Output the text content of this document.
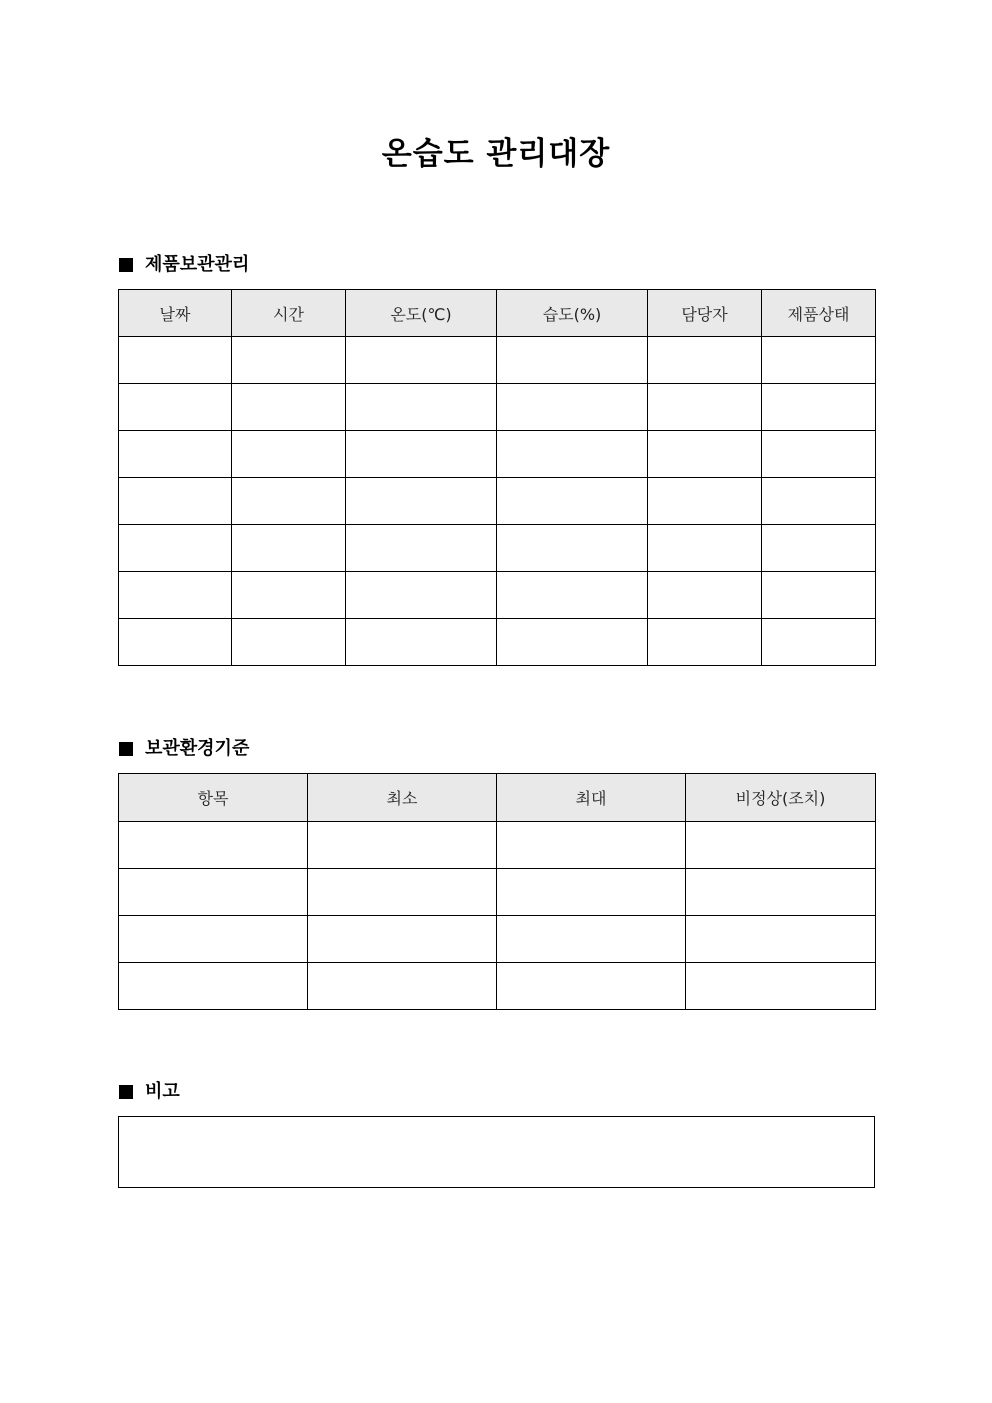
온습도 관리대장
제품보관관리
날짜	시간	온도(℃)	습도(%)	담당자	제품상태

보관환경기준
항목	최소	최대	비정상(조치)

비고
